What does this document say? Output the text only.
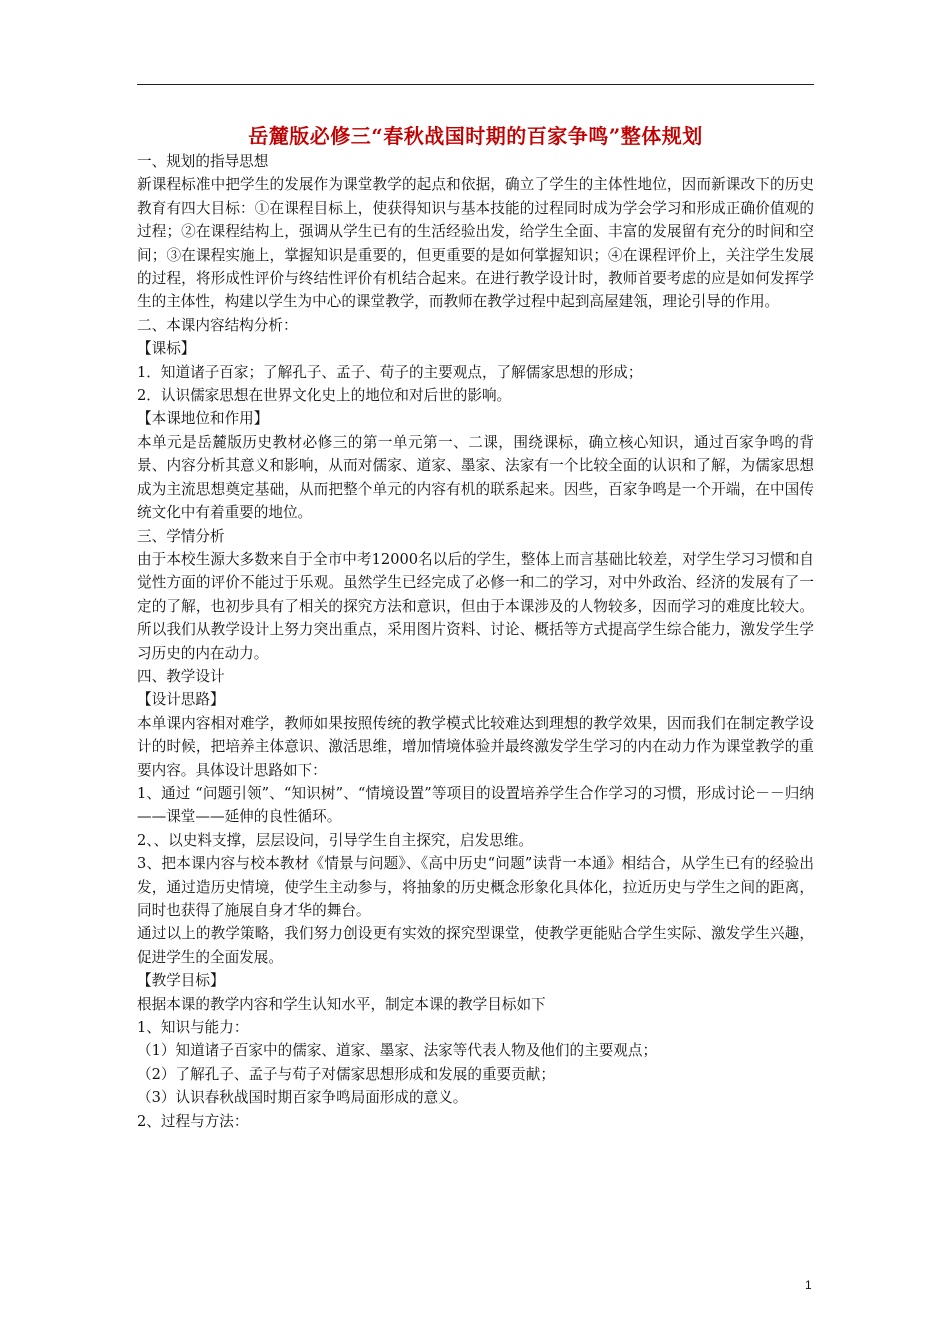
岳麓版必修三“春秋战国时期的百家争鸣”整体规划

一、规划的指导思想

新课程标准中把学生的发展作为课堂教学的起点和依据，确立了学生的主体性地位，因而新课改下的历史教育有四大目标：①在课程目标上，使获得知识与基本技能的过程同时成为学会学习和形成正确价值观的过程；②在课程结构上，强调从学生已有的生活经验出发，给学生全面、丰富的发展留有充分的时间和空间；③在课程实施上，掌握知识是重要的，但更重要的是如何掌握知识；④在课程评价上，关注学生发展的过程，将形成性评价与终结性评价有机结合起来。在进行教学设计时，教师首要考虑的应是如何发挥学生的主体性，构建以学生为中心的课堂教学，而教师在教学过程中起到高屋建瓴，理论引导的作用。

二、本课内容结构分析：

【课标】

1．知道诸子百家；了解孔子、孟子、荀子的主要观点，了解儒家思想的形成；

2．认识儒家思想在世界文化史上的地位和对后世的影响。

【本课地位和作用】

本单元是岳麓版历史教材必修三的第一单元第一、二课，围绕课标，确立核心知识，通过百家争鸣的背景、内容分析其意义和影响，从而对儒家、道家、墨家、法家有一个比较全面的认识和了解，为儒家思想成为主流思想奠定基础，从而把整个单元的内容有机的联系起来。因些，百家争鸣是一个开端，在中国传统文化中有着重要的地位。

三、学情分析

由于本校生源大多数来自于全市中考12000名以后的学生，整体上而言基础比较差，对学生学习习惯和自觉性方面的评价不能过于乐观。虽然学生已经完成了必修一和二的学习，对中外政治、经济的发展有了一定的了解，也初步具有了相关的探究方法和意识，但由于本课涉及的人物较多，因而学习的难度比较大。所以我们从教学设计上努力突出重点，采用图片资料、讨论、概括等方式提高学生综合能力，激发学生学习历史的内在动力。

四、教学设计

【设计思路】

本单课内容相对难学，教师如果按照传统的教学模式比较难达到理想的教学效果，因而我们在制定教学设计的时候，把培养主体意识、激活思维，增加情境体验并最终激发学生学习的内在动力作为课堂教学的重要内容。具体设计思路如下：

1、通过 “问题引领”、“知识树”、“情境设置”等项目的设置培养学生合作学习的习惯，形成讨论－－归纳——课堂——延伸的良性循环。

2、、以史料支撑，层层设问，引导学生自主探究，启发思维。

3、把本课内容与校本教材《情景与问题》、《高中历史“问题”读背一本通》相结合，从学生已有的经验出发，通过造历史情境，使学生主动参与，将抽象的历史概念形象化具体化，拉近历史与学生之间的距离，同时也获得了施展自身才华的舞台。

通过以上的教学策略，我们努力创设更有实效的探究型课堂，使教学更能贴合学生实际、激发学生兴趣，促进学生的全面发展。

【教学目标】

根据本课的教学内容和学生认知水平，制定本课的教学目标如下

1、知识与能力：

（1）知道诸子百家中的儒家、道家、墨家、法家等代表人物及他们的主要观点；

（2）了解孔子、孟子与荀子对儒家思想形成和发展的重要贡献；

（3）认识春秋战国时期百家争鸣局面形成的意义。

2、过程与方法：

1
